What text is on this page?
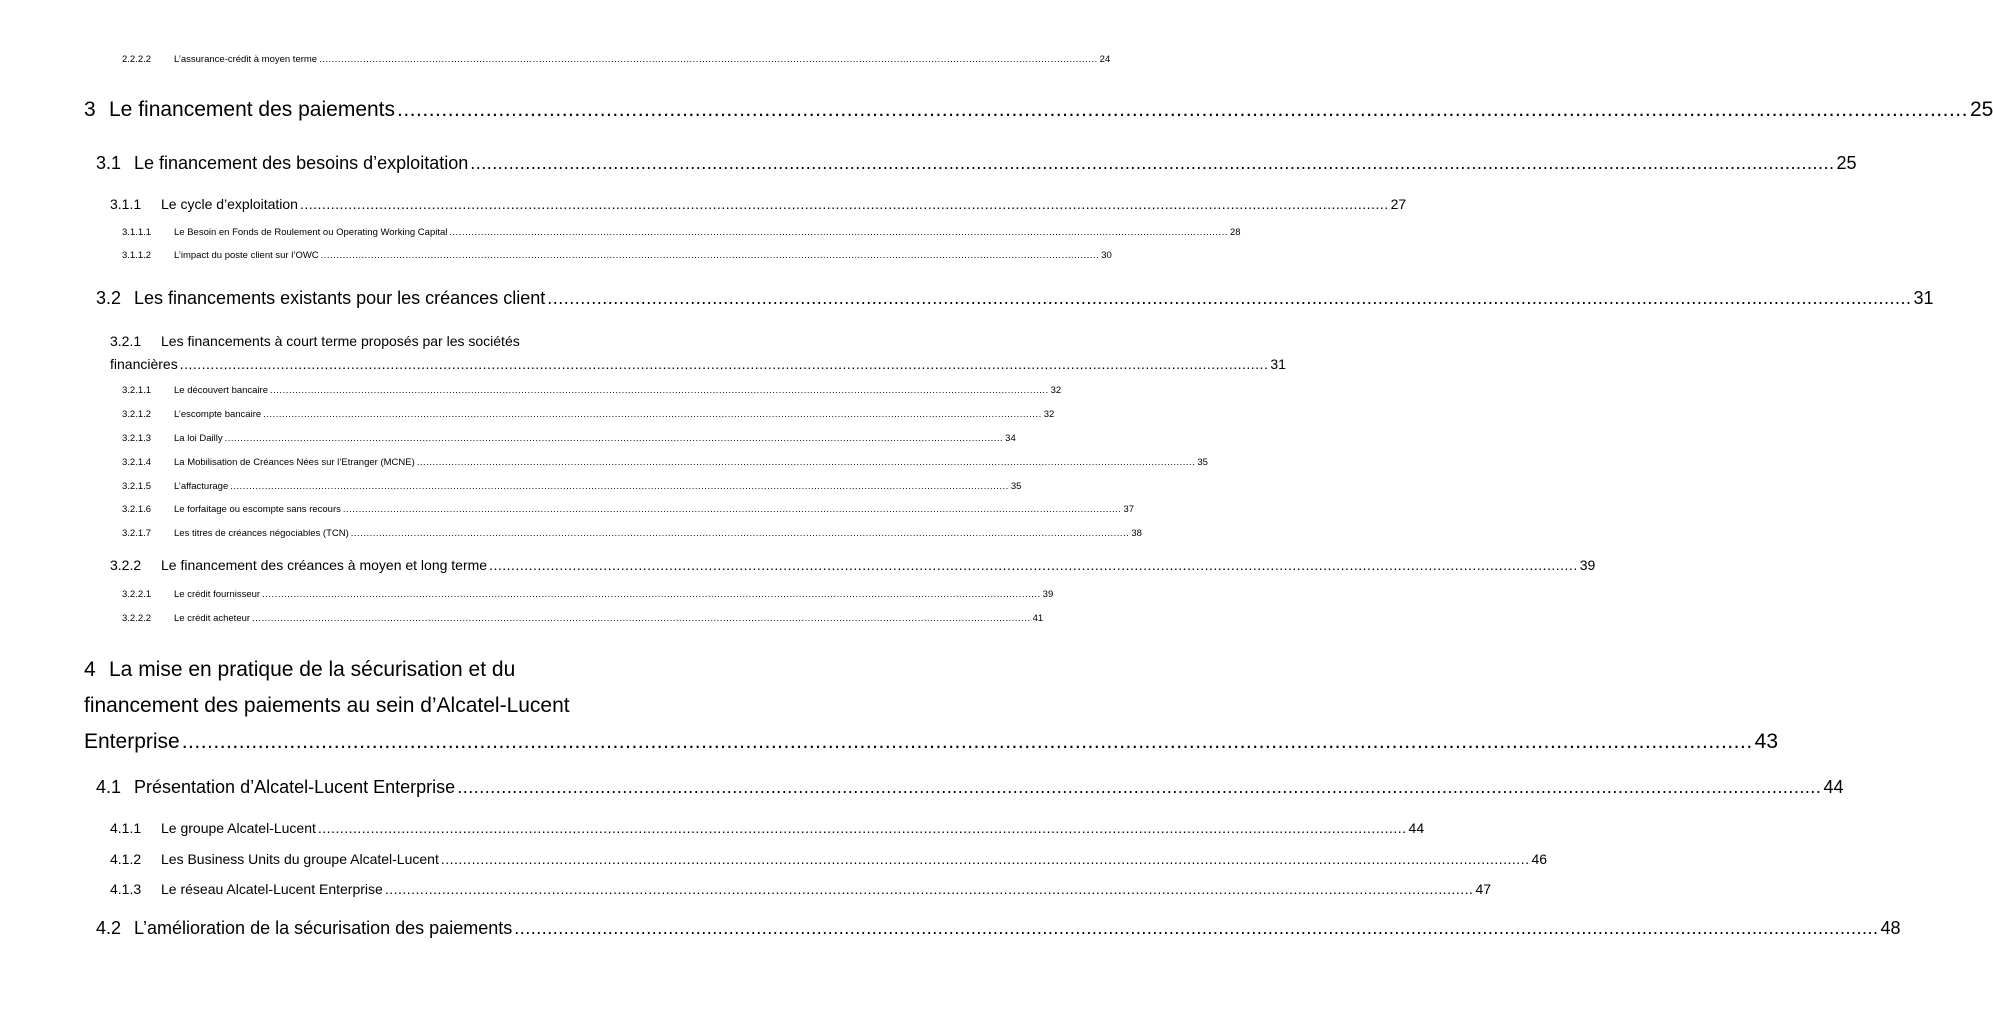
2.2.2.2	L’assurance-crédit à moyen terme .....	24
3 Le financement des paiements .....	25
3.1 Le financement des besoins d’exploitation .....	25
3.1.1	Le cycle d’exploitation .....	27
3.1.1.1	Le Besoin en Fonds de Roulement ou Operating Working Capital .....	28
3.1.1.2	L’impact du poste client sur l’OWC .....	30
3.2 Les financements existants pour les créances client .....	31
3.2.1	Les financements à court terme proposés par les sociétés
financières .....	31
3.2.1.1	Le découvert bancaire .....	32
3.2.1.2	L’escompte bancaire .....	32
3.2.1.3	La loi Dailly .....	34
3.2.1.4	La Mobilisation de Créances Nées sur l’Etranger (MCNE) .....	35
3.2.1.5	L’affacturage .....	35
3.2.1.6	Le forfaitage ou escompte sans recours .....	37
3.2.1.7	Les titres de créances négociables (TCN) .....	38
3.2.2	Le financement des créances à moyen et long terme .....	39
3.2.2.1	Le crédit fournisseur .....	39
3.2.2.2	Le crédit acheteur .....	41
4 La mise en pratique de la sécurisation et du
financement des paiements au sein d’Alcatel-Lucent
Enterprise .....	43
4.1 Présentation d’Alcatel-Lucent Enterprise .....	44
4.1.1	Le groupe Alcatel-Lucent .....	44
4.1.2	Les Business Units du groupe Alcatel-Lucent .....	46
4.1.3	Le réseau Alcatel-Lucent Enterprise .....	47
4.2 L’amélioration de la sécurisation des paiements .....	48
